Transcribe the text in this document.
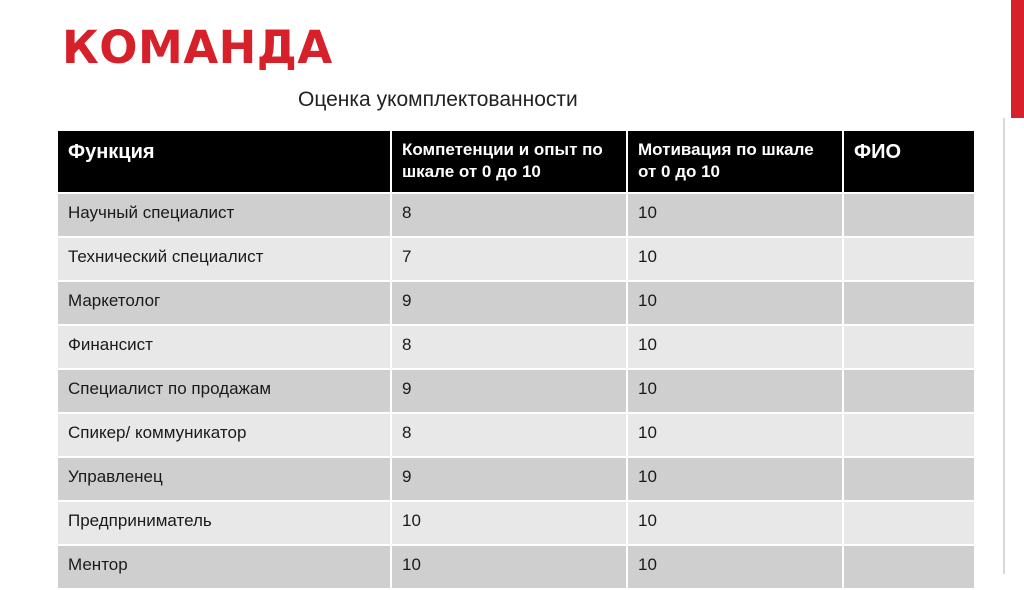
КОМАНДА
Оценка укомплектованности
Функция	Компетенции и опыт по шкале от 0 до 10	Мотивация по шкале от 0 до 10	ФИО
Научный специалист	8	10	
Технический специалист	7	10	
Маркетолог	9	10	
Финансист	8	10	
Специалист по продажам	9	10	
Спикер/ коммуникатор	8	10	
Управленец	9	10	
Предприниматель	10	10	
Ментор	10	10	
